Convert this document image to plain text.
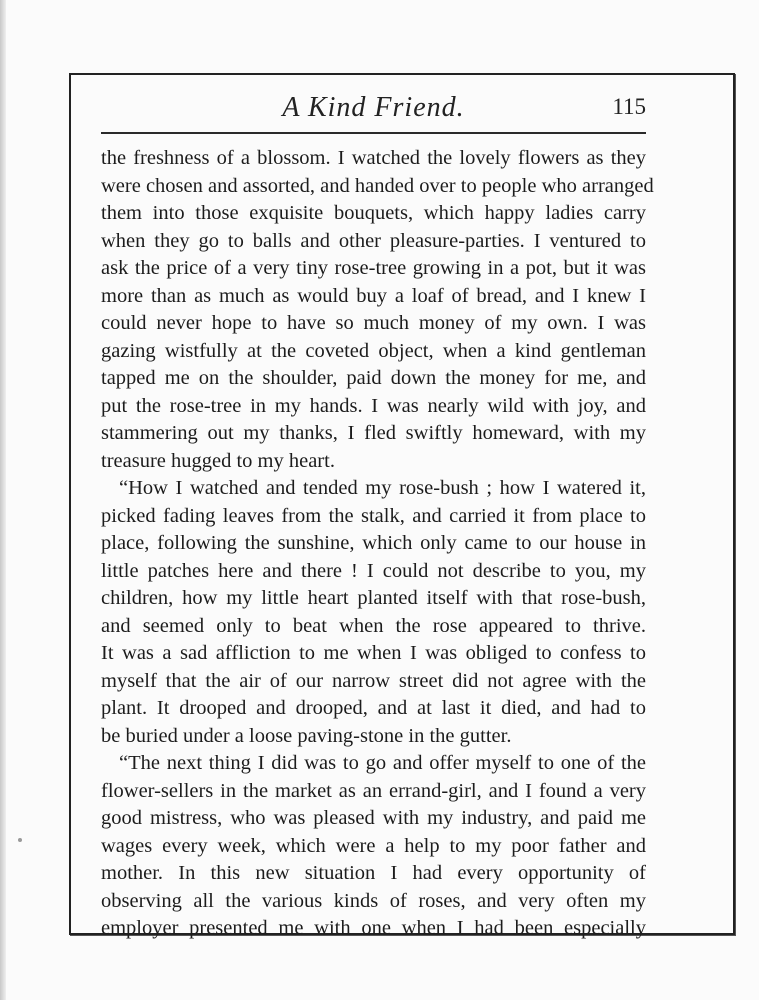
A Kind Friend.	115
the freshness of a blossom. I watched the lovely flowers as they
were chosen and assorted, and handed over to people who arranged
them into those exquisite bouquets, which happy ladies carry
when they go to balls and other pleasure-parties. I ventured to
ask the price of a very tiny rose-tree growing in a pot, but it was
more than as much as would buy a loaf of bread, and I knew I
could never hope to have so much money of my own. I was
gazing wistfully at the coveted object, when a kind gentleman
tapped me on the shoulder, paid down the money for me, and
put the rose-tree in my hands. I was nearly wild with joy, and
stammering out my thanks, I fled swiftly homeward, with my
treasure hugged to my heart.
“How I watched and tended my rose-bush ; how I watered it,
picked fading leaves from the stalk, and carried it from place to
place, following the sunshine, which only came to our house in
little patches here and there ! I could not describe to you, my
children, how my little heart planted itself with that rose-bush,
and seemed only to beat when the rose appeared to thrive.
It was a sad affliction to me when I was obliged to confess to
myself that the air of our narrow street did not agree with the
plant. It drooped and drooped, and at last it died, and had to
be buried under a loose paving-stone in the gutter.
“The next thing I did was to go and offer myself to one of the
flower-sellers in the market as an errand-girl, and I found a very
good mistress, who was pleased with my industry, and paid me
wages every week, which were a help to my poor father and
mother. In this new situation I had every opportunity of
observing all the various kinds of roses, and very often my
employer presented me with one when I had been especially
